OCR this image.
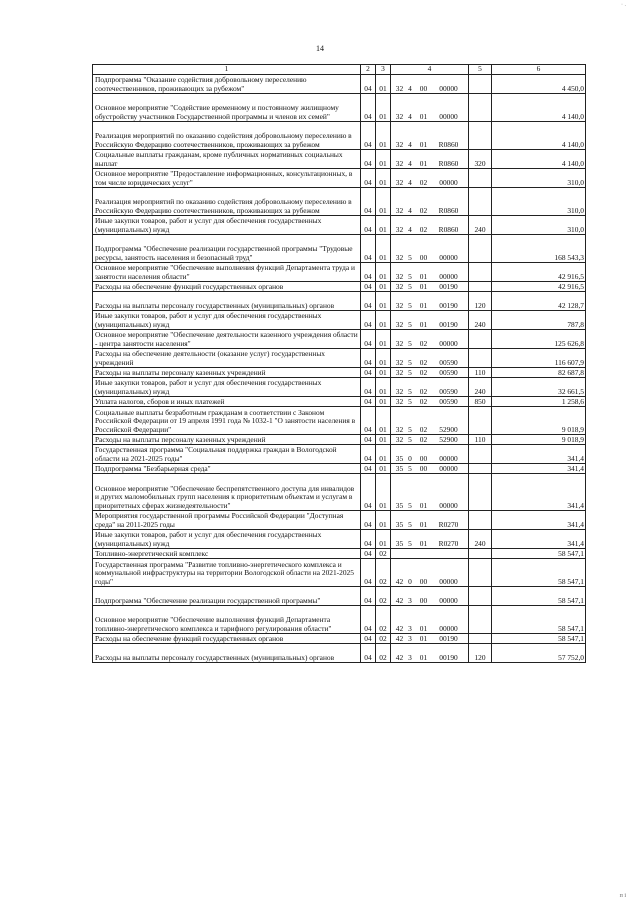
· .
14
1	2	3	4	5	6
Подпрограмма "Оказание содействия добровольному переселению соотечественников, проживающих за рубежом"	04	01	32 4 00 00000		4 450,0
Основное мероприятие "Содействие временному и постоянному жилищному обустройству участников Государственной программы и членов их семей"	04	01	32 4 01 00000		4 140,0
Реализация мероприятий по оказанию содействия добровольному переселению в Российскую Федерацию соотечественников, проживающих за рубежом	04	01	32 4 01 R0860		4 140,0
Социальные выплаты гражданам, кроме публичных нормативных социальных выплат	04	01	32 4 01 R0860	320	4 140,0
Основное мероприятие "Предоставление информационных, консультационных, в том числе юридических услуг"	04	01	32 4 02 00000		310,0
Реализация мероприятий по оказанию содействия добровольному переселению в Российскую Федерацию соотечественников, проживающих за рубежом	04	01	32 4 02 R0860		310,0
Иные закупки товаров, работ и услуг для обеспечения государственных (муниципальных) нужд	04	01	32 4 02 R0860	240	310,0
Подпрограмма "Обеспечение реализации государственной программы "Трудовые ресурсы, занятость населения и безопасный труд"	04	01	32 5 00 00000		168 543,3
Основное мероприятие "Обеспечение выполнения функций Департамента труда и занятости населения области"	04	01	32 5 01 00000		42 916,5
Расходы на обеспечение функций государственных органов	04	01	32 5 01 00190		42 916,5
Расходы на выплаты персоналу государственных (муниципальных) органов	04	01	32 5 01 00190	120	42 128,7
Иные закупки товаров, работ и услуг для обеспечения государственных (муниципальных) нужд	04	01	32 5 01 00190	240	787,8
Основное мероприятие "Обеспечение деятельности казенного учреждения области - центра занятости населения"	04	01	32 5 02 00000		125 626,8
Расходы на обеспечение деятельности (оказание услуг) государственных учреждений	04	01	32 5 02 00590		116 607,9
Расходы на выплаты персоналу казенных учреждений	04	01	32 5 02 00590	110	82 687,8
Иные закупки товаров, работ и услуг для обеспечения государственных (муниципальных) нужд	04	01	32 5 02 00590	240	32 661,5
Уплата налогов, сборов и иных платежей	04	01	32 5 02 00590	850	1 258,6
Социальные выплаты безработным гражданам в соответствии с Законом Российской Федерации от 19 апреля 1991 года № 1032-1 "О занятости населения в Российской Федерации"	04	01	32 5 02 52900		9 018,9
Расходы на выплаты персоналу казенных учреждений	04	01	32 5 02 52900	110	9 018,9
Государственная программа "Социальная поддержка граждан в Вологодской области на 2021-2025 годы"	04	01	35 0 00 00000		341,4
Подпрограмма "Безбарьерная среда"	04	01	35 5 00 00000		341,4
Основное мероприятие "Обеспечение беспрепятственного доступа для инвалидов и других маломобильных групп населения к приоритетным объектам и услугам в приоритетных сферах жизнедеятельности"	04	01	35 5 01 00000		341,4
Мероприятия государственной программы Российской Федерации "Доступная среда" на 2011-2025 годы	04	01	35 5 01 R0270		341,4
Иные закупки товаров, работ и услуг для обеспечения государственных (муниципальных) нужд	04	01	35 5 01 R0270	240	341,4
Топливно-энергетический комплекс	04	02			58 547,1
Государственная программа "Развитие топливно-энергетического комплекса и коммунальной инфраструктуры на территории Вологодской области на 2021-2025 годы"	04	02	42 0 00 00000		58 547,1
Подпрограмма "Обеспечение реализации государственной программы"	04	02	42 3 00 00000		58 547,1
Основное мероприятие "Обеспечение выполнения функций Департамента топливно-энергетического комплекса и тарифного регулирования области"	04	02	42 3 01 00000		58 547,1
Расходы на обеспечение функций государственных органов	04	02	42 3 01 00190		58 547,1
Расходы на выплаты персоналу государственных (муниципальных) органов	04	02	42 3 01 00190	120	57 752,0
п і
